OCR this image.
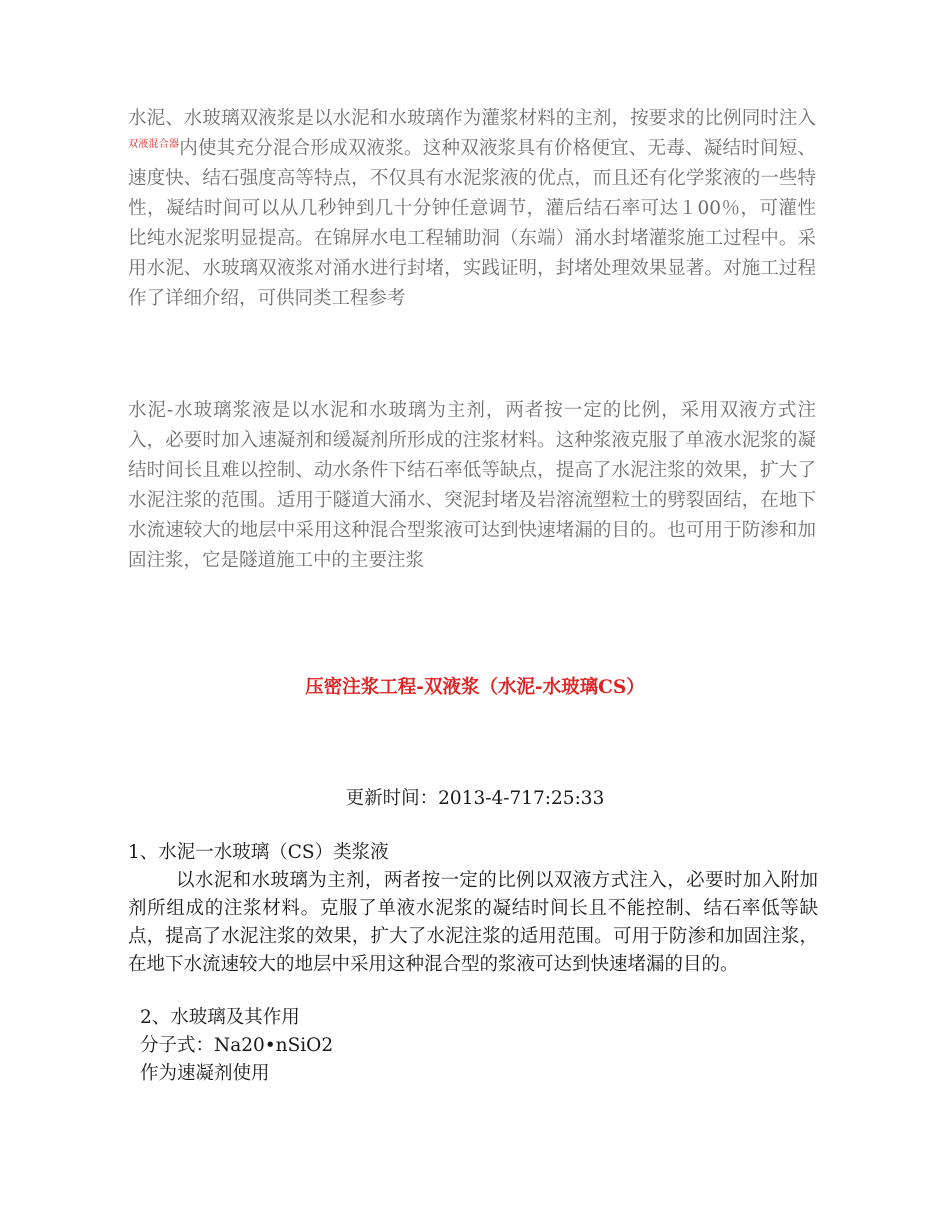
水泥、水玻璃双液浆是以水泥和水玻璃作为灌浆材料的主剂，按要求的比例同时注入$^{双液混合器}$内使其充分混合形成双液浆。这种双液浆具有价格便宜、无毒、凝结时间短、速度快、结石强度高等特点，不仅具有水泥浆液的优点，而且还有化学浆液的一些特性，凝结时间可以从几秒钟到几十分钟任意调节，灌后结石率可达１00％，可灌性比纯水泥浆明显提高。在锦屏水电工程辅助洞（东端）涌水封堵灌浆施工过程中。采用水泥、水玻璃双液浆对涌水进行封堵，实践证明，封堵处理效果显著。对施工过程作了详细介绍，可供同类工程参考

水泥-水玻璃浆液是以水泥和水玻璃为主剂，两者按一定的比例，采用双液方式注入，必要时加入速凝剂和缓凝剂所形成的注浆材料。这种浆液克服了单液水泥浆的凝结时间长且难以控制、动水条件下结石率低等缺点，提高了水泥注浆的效果，扩大了水泥注浆的范围。适用于隧道大涌水、突泥封堵及岩溶流塑粒土的劈裂固结，在地下水流速较大的地层中采用这种混合型浆液可达到快速堵漏的目的。也可用于防渗和加固注浆，它是隧道施工中的主要注浆

压密注浆工程-双液浆（水泥-水玻璃CS）
更新时间：2013-4-717:25:33
1、水泥一水玻璃（CS）类浆液

以水泥和水玻璃为主剂，两者按一定的比例以双液方式注入，必要时加入附加剂所组成的注浆材料。克服了单液水泥浆的凝结时间长且不能控制、结石率低等缺点，提高了水泥注浆的效果，扩大了水泥注浆的适用范围。可用于防渗和加固注浆，在地下水流速较大的地层中采用这种混合型的浆液可达到快速堵漏的目的。

2、水玻璃及其作用
分子式：Na20•nSiO2
作为速凝剂使用
